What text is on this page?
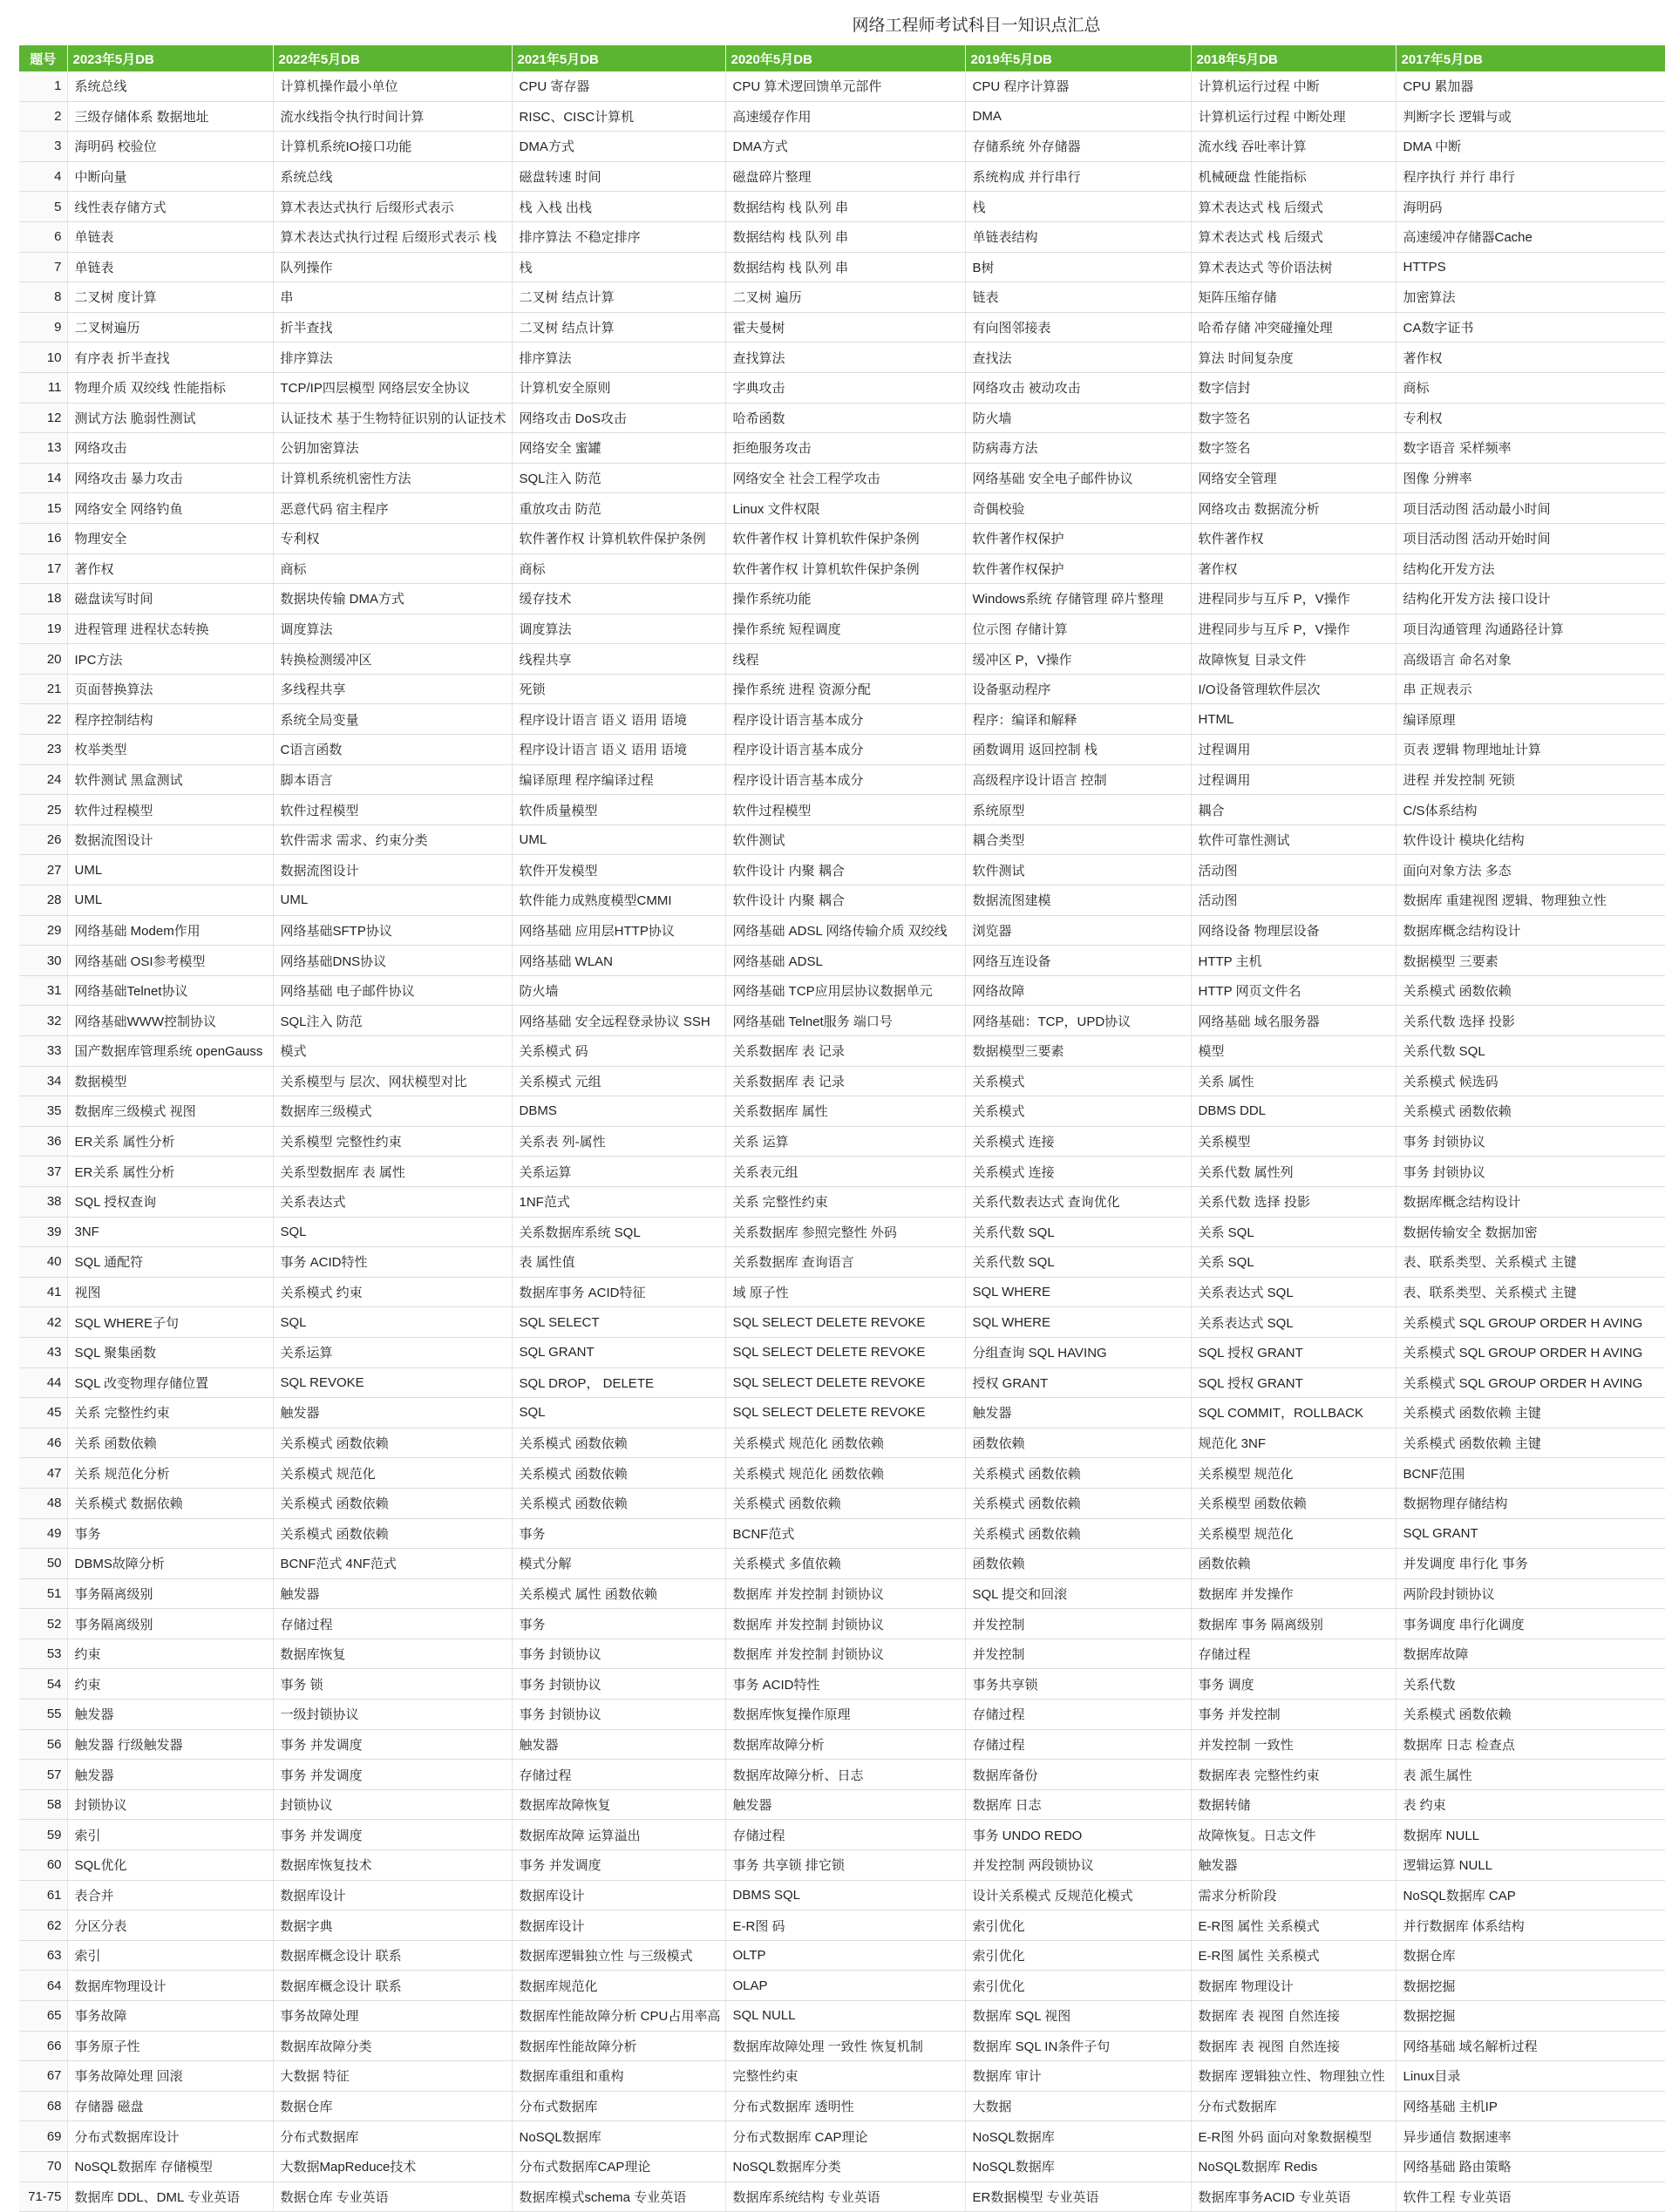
网络工程师考试科目一知识点汇总
题号	2023年5月DB	2022年5月DB	2021年5月DB	2020年5月DB	2019年5月DB	2018年5月DB	2017年5月DB
1	系统总线	计算机操作最小单位	CPU 寄存器	CPU 算术逻回馈单元部件	CPU 程序计算器	计算机运行过程 中断	CPU 累加器
2	三级存储体系 数据地址	流水线指令执行时间计算	RISC、CISC计算机	高速缓存作用	DMA	计算机运行过程 中断处理	判断字长 逻辑与或
3	海明码 校验位	计算机系统IO接口功能	DMA方式	DMA方式	存储系统 外存储器	流水线 吞吐率计算	DMA 中断
4	中断向量	系统总线	磁盘转速 时间	磁盘碎片整理	系统构成 并行串行	机械硬盘 性能指标	程序执行 并行 串行
5	线性表存储方式	算术表达式执行 后缀形式表示	栈 入栈 出栈	数据结构 栈 队列 串	栈	算术表达式 栈 后缀式	海明码
6	单链表	算术表达式执行过程 后缀形式表示 栈	排序算法 不稳定排序	数据结构 栈 队列 串	单链表结构	算术表达式 栈 后缀式	高速缓冲存储器Cache
7	单链表	队列操作	栈	数据结构 栈 队列 串	B树	算术表达式 等价语法树	HTTPS
8	二叉树 度计算	串	二叉树 结点计算	二叉树 遍历	链表	矩阵压缩存储	加密算法
9	二叉树遍历	折半查找	二叉树 结点计算	霍夫曼树	有向图邻接表	哈希存储 冲突碰撞处理	CA数字证书
10	有序表 折半查找	排序算法	排序算法	查找算法	查找法	算法 时间复杂度	著作权
11	物理介质 双绞线 性能指标	TCP/IP四层模型 网络层安全协议	计算机安全原则	字典攻击	网络攻击 被动攻击	数字信封	商标
12	测试方法 脆弱性测试	认证技术 基于生物特征识别的认证技术	网络攻击 DoS攻击	哈希函数	防火墙	数字签名	专利权
13	网络攻击	公钥加密算法	网络安全 蜜罐	拒绝服务攻击	防病毒方法	数字签名	数字语音 采样频率
14	网络攻击 暴力攻击	计算机系统机密性方法	SQL注入 防范	网络安全 社会工程学攻击	网络基础 安全电子邮件协议	网络安全管理	图像 分辨率
15	网络安全 网络钓鱼	恶意代码 宿主程序	重放攻击 防范	Linux 文件权限	奇偶校验	网络攻击 数据流分析	项目活动图 活动最小时间
16	物理安全	专利权	软件著作权 计算机软件保护条例	软件著作权 计算机软件保护条例	软件著作权保护	软件著作权	项目活动图 活动开始时间
17	著作权	商标	商标	软件著作权 计算机软件保护条例	软件著作权保护	著作权	结构化开发方法
18	磁盘读写时间	数据块传输 DMA方式	缓存技术	操作系统功能	Windows系统 存储管理 碎片整理	进程同步与互斥 P，V操作	结构化开发方法 接口设计
19	进程管理 进程状态转换	调度算法	调度算法	操作系统 短程调度	位示图 存储计算	进程同步与互斥 P，V操作	项目沟通管理 沟通路径计算
20	IPC方法	转换检测缓冲区	线程共享	线程	缓冲区 P，V操作	故障恢复 目录文件	高级语言 命名对象
21	页面替换算法	多线程共享	死锁	操作系统 进程 资源分配	设备驱动程序	I/O设备管理软件层次	串 正规表示
22	程序控制结构	系统全局变量	程序设计语言 语义 语用 语境	程序设计语言基本成分	程序：编译和解释	HTML	编译原理
23	枚举类型	C语言函数	程序设计语言 语义 语用 语境	程序设计语言基本成分	函数调用 返回控制 栈	过程调用	页表 逻辑 物理地址计算
24	软件测试 黑盒测试	脚本语言	编译原理 程序编译过程	程序设计语言基本成分	高级程序设计语言 控制	过程调用	进程 并发控制 死锁
25	软件过程模型	软件过程模型	软件质量模型	软件过程模型	系统原型	耦合	C/S体系结构
26	数据流图设计	软件需求 需求、约束分类	UML	软件测试	耦合类型	软件可靠性测试	软件设计 模块化结构
27	UML	数据流图设计	软件开发模型	软件设计 内聚 耦合	软件测试	活动图	面向对象方法 多态
28	UML	UML	软件能力成熟度模型CMMI	软件设计 内聚 耦合	数据流图建模	活动图	数据库 重建视图 逻辑、物理独立性
29	网络基础 Modem作用	网络基础SFTP协议	网络基础 应用层HTTP协议	网络基础 ADSL 网络传输介质 双绞线	浏览器	网络设备 物理层设备	数据库概念结构设计
30	网络基础 OSI参考模型	网络基础DNS协议	网络基础 WLAN	网络基础 ADSL	网络互连设备	HTTP 主机	数据模型 三要素
31	网络基础Telnet协议	网络基础 电子邮件协议	防火墙	网络基础 TCP应用层协议数据单元	网络故障	HTTP 网页文件名	关系模式 函数依赖
32	网络基础WWW控制协议	SQL注入 防范	网络基础 安全远程登录协议 SSH	网络基础 Telnet服务 端口号	网络基础：TCP，UPD协议	网络基础 域名服务器	关系代数 选择 投影
33	国产数据库管理系统 openGauss	模式	关系模式 码	关系数据库 表 记录	数据模型三要素	模型	关系代数 SQL
34	数据模型	关系模型与 层次、网状模型对比	关系模式 元组	关系数据库 表 记录	关系模式	关系 属性	关系模式 候选码
35	数据库三级模式 视图	数据库三级模式	DBMS	关系数据库 属性	关系模式	DBMS DDL	关系模式 函数依赖
36	ER关系 属性分析	关系模型 完整性约束	关系表 列-属性	关系 运算	关系模式 连接	关系模型	事务 封锁协议
37	ER关系 属性分析	关系型数据库 表 属性	关系运算	关系表元组	关系模式 连接	关系代数 属性列	事务 封锁协议
38	SQL 授权查询	关系表达式	1NF范式	关系 完整性约束	关系代数表达式 查询优化	关系代数 选择 投影	数据库概念结构设计
39	3NF	SQL	关系数据库系统 SQL	关系数据库 参照完整性 外码	关系代数 SQL	关系 SQL	数据传输安全 数据加密
40	SQL 通配符	事务 ACID特性	表 属性值	关系数据库 查询语言	关系代数 SQL	关系 SQL	表、联系类型、关系模式 主键
41	视图	关系模式 约束	数据库事务 ACID特征	域 原子性	SQL WHERE	关系表达式 SQL	表、联系类型、关系模式 主键
42	SQL WHERE子句	SQL	SQL SELECT	SQL SELECT DELETE REVOKE	SQL WHERE	关系表达式 SQL	关系模式 SQL GROUP ORDER H AVING
43	SQL 聚集函数	关系运算	SQL GRANT	SQL SELECT DELETE REVOKE	分组查询 SQL HAVING	SQL 授权 GRANT	关系模式 SQL GROUP ORDER H AVING
44	SQL 改变物理存储位置	SQL REVOKE	SQL DROP， DELETE	SQL SELECT DELETE REVOKE	授权 GRANT	SQL 授权 GRANT	关系模式 SQL GROUP ORDER H AVING
45	关系 完整性约束	触发器	SQL	SQL SELECT DELETE REVOKE	触发器	SQL COMMIT，ROLLBACK	关系模式 函数依赖 主键
46	关系 函数依赖	关系模式 函数依赖	关系模式 函数依赖	关系模式 规范化 函数依赖	函数依赖	规范化 3NF	关系模式 函数依赖 主键
47	关系 规范化分析	关系模式 规范化	关系模式 函数依赖	关系模式 规范化 函数依赖	关系模式 函数依赖	关系模型 规范化	BCNF范围
48	关系模式 数据依赖	关系模式 函数依赖	关系模式 函数依赖	关系模式 函数依赖	关系模式 函数依赖	关系模型 函数依赖	数据物理存储结构
49	事务	关系模式 函数依赖	事务	BCNF范式	关系模式 函数依赖	关系模型 规范化	SQL GRANT
50	DBMS故障分析	BCNF范式 4NF范式	模式分解	关系模式 多值依赖	函数依赖	函数依赖	并发调度 串行化 事务
51	事务隔离级别	触发器	关系模式 属性 函数依赖	数据库 并发控制 封锁协议	SQL 提交和回滚	数据库 并发操作	两阶段封锁协议
52	事务隔离级别	存储过程	事务	数据库 并发控制 封锁协议	并发控制	数据库 事务 隔离级别	事务调度 串行化调度
53	约束	数据库恢复	事务 封锁协议	数据库 并发控制 封锁协议	并发控制	存储过程	数据库故障
54	约束	事务 锁	事务 封锁协议	事务 ACID特性	事务共享锁	事务 调度	关系代数
55	触发器	一级封锁协议	事务 封锁协议	数据库恢复操作原理	存储过程	事务 并发控制	关系模式 函数依赖
56	触发器 行级触发器	事务 并发调度	触发器	数据库故障分析	存储过程	并发控制 一致性	数据库 日志 检查点
57	触发器	事务 并发调度	存储过程	数据库故障分析、日志	数据库备份	数据库表 完整性约束	表 派生属性
58	封锁协议	封锁协议	数据库故障恢复	触发器	数据库 日志	数据转储	表 约束
59	索引	事务 并发调度	数据库故障 运算溢出	存储过程	事务 UNDO REDO	故障恢复。日志文件	数据库 NULL
60	SQL优化	数据库恢复技术	事务 并发调度	事务 共享锁 排它锁	并发控制 两段锁协议	触发器	逻辑运算 NULL
61	表合并	数据库设计	数据库设计	DBMS SQL	设计关系模式 反规范化模式	需求分析阶段	NoSQL数据库 CAP
62	分区分表	数据字典	数据库设计	E-R图 码	索引优化	E-R图 属性 关系模式	并行数据库 体系结构
63	索引	数据库概念设计 联系	数据库逻辑独立性 与三级模式	OLTP	索引优化	E-R图 属性 关系模式	数据仓库
64	数据库物理设计	数据库概念设计 联系	数据库规范化	OLAP	索引优化	数据库 物理设计	数据挖掘
65	事务故障	事务故障处理	数据库性能故障分析 CPU占用率高	SQL NULL	数据库 SQL 视图	数据库 表 视图 自然连接	数据挖掘
66	事务原子性	数据库故障分类	数据库性能故障分析	数据库故障处理 一致性 恢复机制	数据库 SQL IN条件子句	数据库 表 视图 自然连接	网络基础 域名解析过程
67	事务故障处理 回滚	大数据 特征	数据库重组和重构	完整性约束	数据库 审计	数据库 逻辑独立性、物理独立性	Linux目录
68	存储器 磁盘	数据仓库	分布式数据库	分布式数据库 透明性	大数据	分布式数据库	网络基础 主机IP
69	分布式数据库设计	分布式数据库	NoSQL数据库	分布式数据库 CAP理论	NoSQL数据库	E-R图 外码 面向对象数据模型	异步通信 数据速率
70	NoSQL数据库 存储模型	大数据MapReduce技术	分布式数据库CAP理论	NoSQL数据库分类	NoSQL数据库	NoSQL数据库 Redis	网络基础 路由策略
71-75	数据库 DDL、DML 专业英语	数据仓库 专业英语	数据库模式schema 专业英语	数据库系统结构 专业英语	ER数据模型 专业英语	数据库事务ACID 专业英语	软件工程 专业英语
